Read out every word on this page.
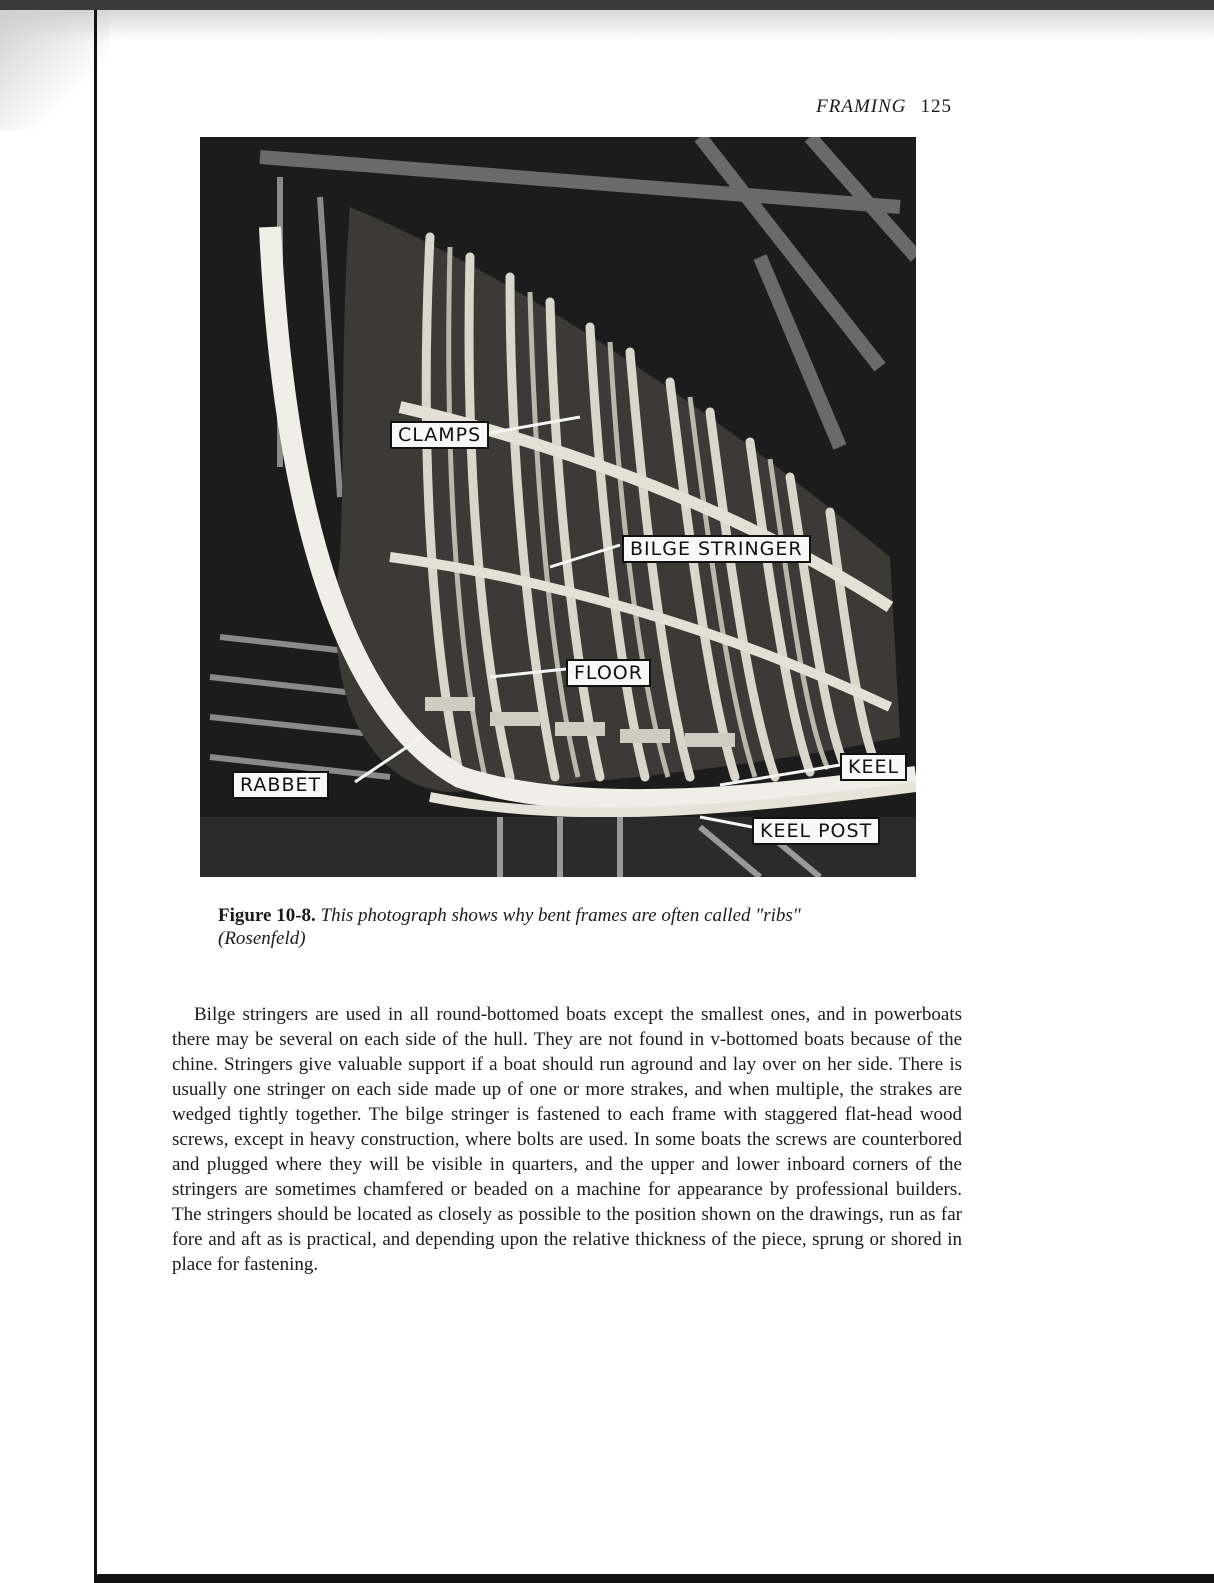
FRAMING 125
CLAMPS
BILGE STRINGER
FLOOR
RABBET
KEEL
KEEL POST
Figure 10-8. This photograph shows why bent frames are often called "ribs"
(Rosenfeld)

Bilge stringers are used in all round-bottomed boats except the smallest ones, and in powerboats there may be several on each side of the hull. They are not found in v-bottomed boats because of the chine. Stringers give valuable support if a boat should run aground and lay over on her side. There is usually one stringer on each side made up of one or more strakes, and when multiple, the strakes are wedged tightly together. The bilge stringer is fastened to each frame with staggered flat-head wood screws, except in heavy construction, where bolts are used. In some boats the screws are counterbored and plugged where they will be visible in quarters, and the upper and lower inboard corners of the stringers are sometimes chamfered or beaded on a machine for appearance by professional builders. The stringers should be located as closely as possible to the position shown on the drawings, run as far fore and aft as is practical, and depending upon the relative thickness of the piece, sprung or shored in place for fastening.
